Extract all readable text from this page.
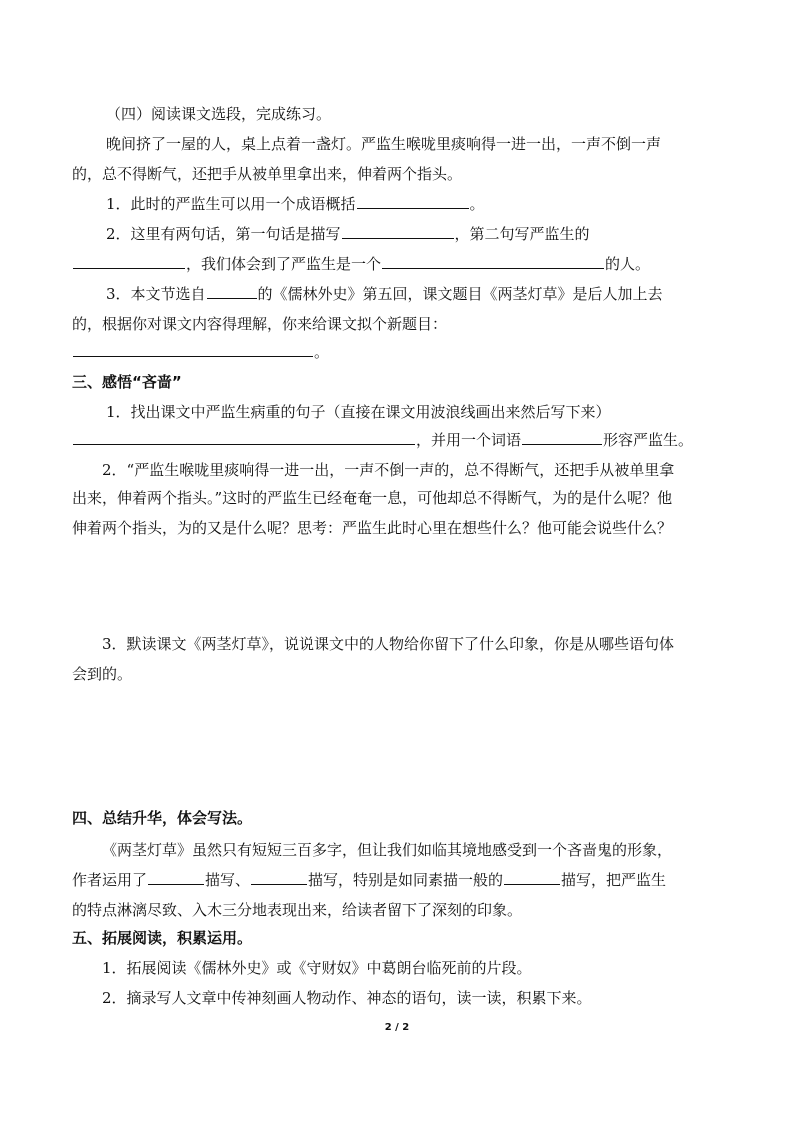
（四）阅读课文选段，完成练习。
晚间挤了一屋的人，桌上点着一盏灯。严监生喉咙里痰响得一进一出，一声不倒一声
的，总不得断气，还把手从被单里拿出来，伸着两个指头。
1．此时的严监生可以用一个成语概括	。
2．这里有两句话，第一句话是描写	，第二句写严监生的
，我们体会到了严监生是一个	的人。
3．本文节选自	的《儒林外史》第五回，课文题目《两茎灯草》是后人加上去
的，根据你对课文内容得理解，你来给课文拟个新题目：
。
三、感悟“吝啬”
1．找出课文中严监生病重的句子（直接在课文用波浪线画出来然后写下来）
，并用一个词语	形容严监生。
2．“严监生喉咙里痰响得一进一出，一声不倒一声的，总不得断气，还把手从被单里拿
出来，伸着两个指头。”这时的严监生已经奄奄一息，可他却总不得断气，为的是什么呢？他
伸着两个指头，为的又是什么呢？思考：严监生此时心里在想些什么？他可能会说些什么？
3．默读课文《两茎灯草》，说说课文中的人物给你留下了什么印象，你是从哪些语句体
会到的。
四、总结升华，体会写法。
《两茎灯草》虽然只有短短三百多字，但让我们如临其境地感受到一个吝啬鬼的形象，
作者运用了	描写、	描写，特别是如同素描一般的	描写，把严监生
的特点淋漓尽致、入木三分地表现出来，给读者留下了深刻的印象。
五、拓展阅读，积累运用。
1．拓展阅读《儒林外史》或《守财奴》中葛朗台临死前的片段。
2．摘录写人文章中传神刻画人物动作、神态的语句，读一读，积累下来。
2 / 2
